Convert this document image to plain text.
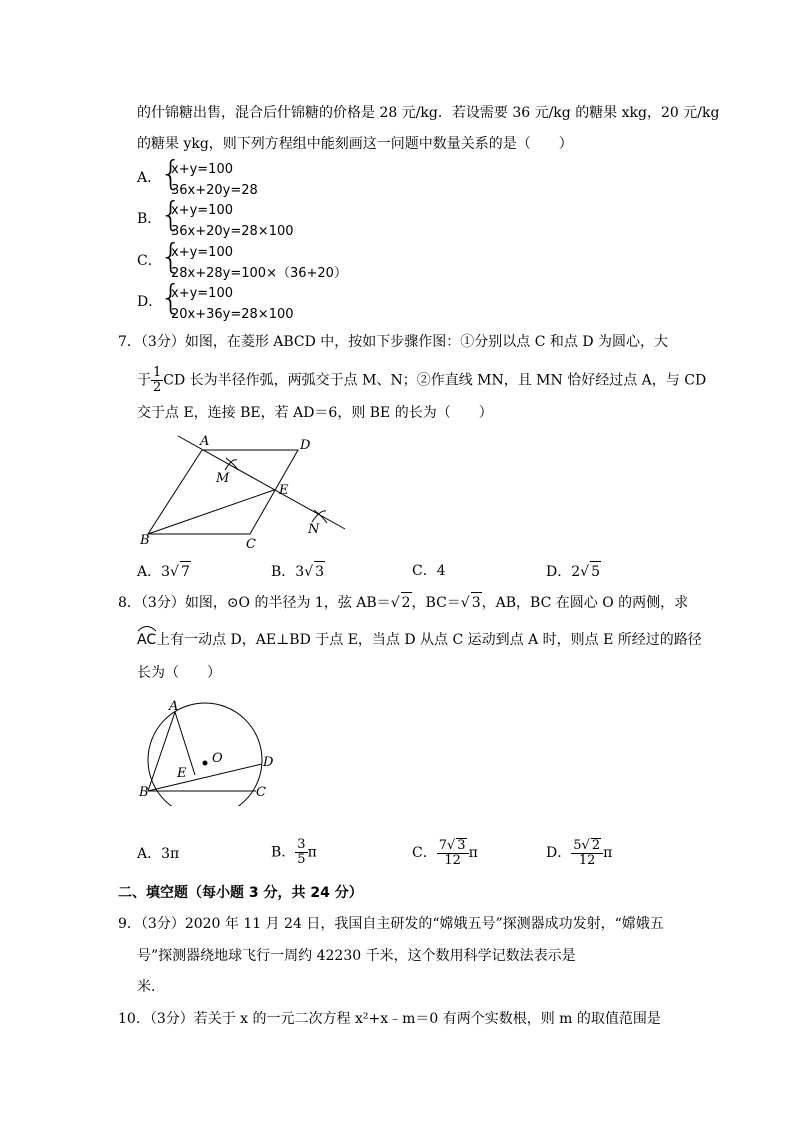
的什锦糖出售，混合后什锦糖的价格是 28 元/kg．若设需要 36 元/kg 的糖果 xkg，20 元/kg
的糖果 ykg，则下列方程组中能刻画这一问题中数量关系的是（　　）
A．
{
x+y=100
36x+20y=28
B．
{
x+y=100
36x+20y=28×100
C．
{
x+y=100
28x+28y=100×（36+20）
D．
{
x+y=100
20x+36y=28×100
7．（3分）如图，在菱形 ABCD 中，按如下步骤作图：①分别以点 C 和点 D 为圆心，大
于 $\frac{1}{2}$ CD 长为半径作弧，两弧交于点 M、N；②作直线 MN，且 MN 恰好经过点 A，与 CD
交于点 E，连接 BE，若 AD＝6，则 BE 的长为（　　）
A	D
M
E
N
B	C
A．3 √ 7	B．3 √ 3	C．4	D．2 √ 5
8．（3分）如图，⊙O 的半径为 1，弦 AB＝ √ 2，BC＝ √ 3，AB，BC 在圆心 O 的两侧，求
AC上有一动点 D，AE⊥BD 于点 E，当点 D 从点 C 运动到点 A 时，则点 E 所经过的路径
长为（　　）
A
O	D
E
B	C
A．3π	B． $\frac{3}{5}$ π	C． $\frac{7 √ 3}{12}$ π	D． $\frac{5 √ 2}{12}$ π
二、填空题（每小题 3 分，共 24 分）
9．（3分）2020 年 11 月 24 日，我国自主研发的“嫦娥五号”探测器成功发射，“嫦娥五
号”探测器绕地球飞行一周约 42230 千米，这个数用科学记数法表示是
米．
10．（3分）若关于 x 的一元二次方程 x²+x﹣m＝0 有两个实数根，则 m 的取值范围是
